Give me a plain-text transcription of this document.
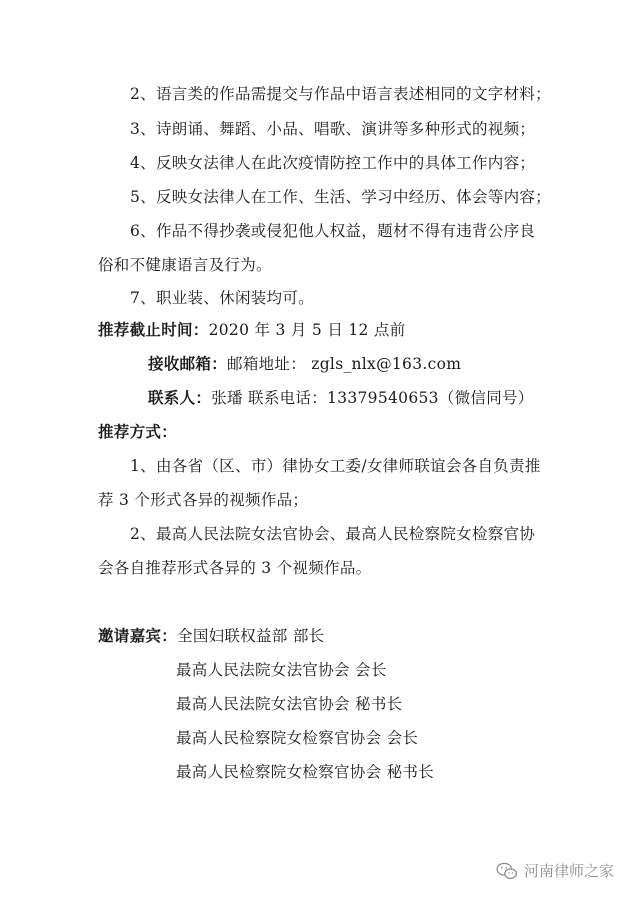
2、语言类的作品需提交与作品中语言表述相同的文字材料；
3、诗朗诵、舞蹈、小品、唱歌、演讲等多种形式的视频；
4、反映女法律人在此次疫情防控工作中的具体工作内容；
5、反映女法律人在工作、生活、学习中经历、体会等内容；
6、作品不得抄袭或侵犯他人权益，题材不得有违背公序良
俗和不健康语言及行为。
7、职业装、休闲装均可。
推荐截止时间：2020 年 3 月 5 日 12 点前
接收邮箱：邮箱地址： zgls_nlx@163.com
联系人：张璠 联系电话：13379540653（微信同号）
推荐方式：
1、由各省（区、市）律协女工委/女律师联谊会各自负责推
荐 3 个形式各异的视频作品；
2、最高人民法院女法官协会、最高人民检察院女检察官协
会各自推荐形式各异的 3 个视频作品。
邀请嘉宾：全国妇联权益部 部长
最高人民法院女法官协会 会长
最高人民法院女法官协会 秘书长
最高人民检察院女检察官协会 会长
最高人民检察院女检察官协会 秘书长
河南律师之家
